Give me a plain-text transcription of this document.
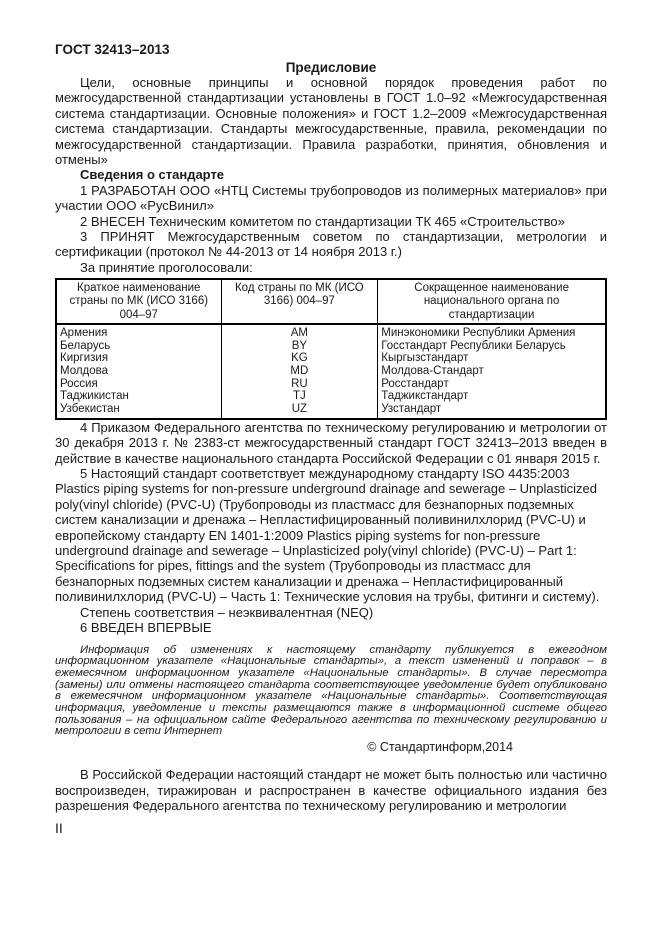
ГОСТ 32413–2013
Предисловие

Цели, основные принципы и основной порядок проведения работ по межгосударственной стандартизации установлены в ГОСТ 1.0–92 «Межгосударственная система стандартизации. Основные положения» и ГОСТ 1.2–2009 «Межгосударственная система стандартизации. Стандарты межгосударственные, правила, рекомендации по межгосударственной стандартизации. Правила разработки, принятия, обновления и отмены»

Сведения о стандарте

1 РАЗРАБОТАН ООО «НТЦ Системы трубопроводов из полимерных материалов» при участии ООО «РусВинил»

2 ВНЕСЕН Техническим комитетом по стандартизации ТК 465 «Строительство»

3 ПРИНЯТ Межгосударственным советом по стандартизации, метрологии и сертификации (протокол № 44-2013 от 14 ноября 2013 г.)

За принятие проголосовали:

Краткое наименование страны по МК (ИСО 3166) 004–97	Код страны по МК (ИСО 3166) 004–97	Сокращенное наименование национального органа по стандартизации
Армения	AM	Минэкономики Республики Армения
Беларусь	BY	Госстандарт Республики Беларусь
Киргизия	KG	Кыргызстандарт
Молдова	MD	Молдова-Стандарт
Россия	RU	Росстандарт
Таджикистан	TJ	Таджикстандарт
Узбекистан	UZ	Узстандарт

4 Приказом Федерального агентства по техническому регулированию и метрологии от 30 декабря 2013 г. № 2383-ст межгосударственный стандарт ГОСТ 32413–2013 введен в действие в качестве национального стандарта Российской Федерации с 01 января 2015 г.

5 Настоящий стандарт соответствует международному стандарту ISO 4435:2003 Plastics piping systems for non-pressure underground drainage and sewerage – Unplasticized poly(vinyl chloride) (PVC-U) (Трубопроводы из пластмасс для безнапорных подземных систем канализации и дренажа – Непластифицированный поливинилхлорид (PVC-U) и европейскому стандарту EN 1401-1:2009 Plastics piping systems for non-pressure underground drainage and sewerage – Unplasticized poly(vinyl chloride) (PVC-U) – Part 1: Specifications for pipes, fittings and the system (Трубопроводы из пластмасс для безнапорных подземных систем канализации и дренажа – Непластифицированный поливинилхлорид (PVC-U) – Часть 1: Технические условия на трубы, фитинги и систему).

Степень соответствия – неэквивалентная (NEQ)

6 ВВЕДЕН ВПЕРВЫЕ

Информация об изменениях к настоящему стандарту публикуется в ежегодном информационном указателе «Национальные стандарты», а текст изменений и поправок – в ежемесячном информационном указателе «Национальные стандарты». В случае пересмотра (замены) или отмены настоящего стандарта соответствующее уведомление будет опубликовано в ежемесячном информационном указателе «Национальные стандарты». Соответствующая информация, уведомление и тексты размещаются также в информационной системе общего пользования – на официальном сайте Федерального агентства по техническому регулированию и метрологии в сети Интернет

© Стандартинформ,2014

В Российской Федерации настоящий стандарт не может быть полностью или частично воспроизведен, тиражирован и распространен в качестве официального издания без разрешения Федерального агентства по техническому регулированию и метрологии

II
